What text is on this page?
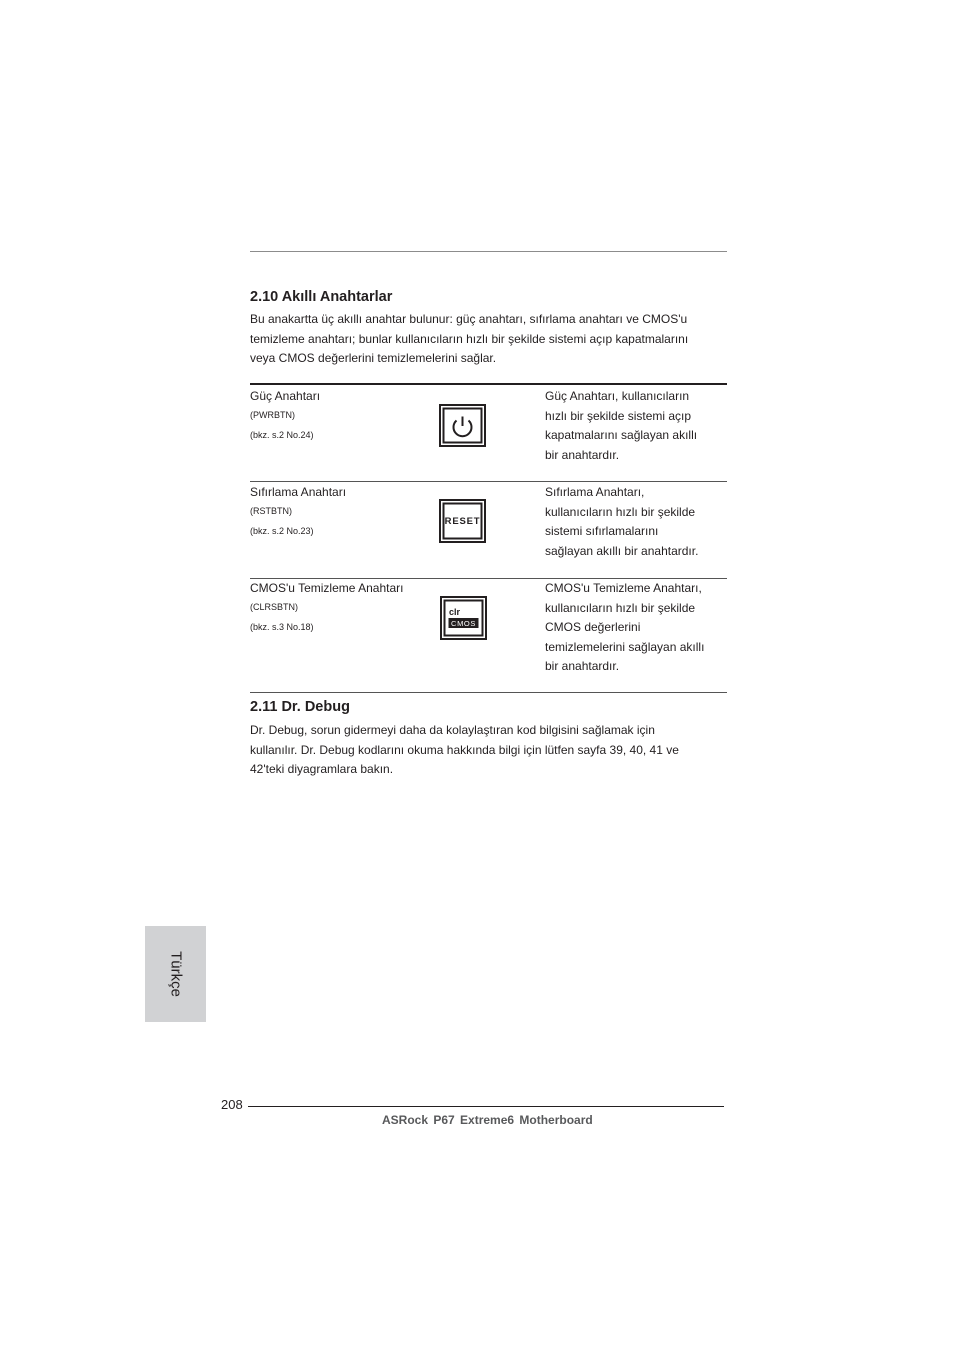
2.10 Akıllı Anahtarlar
Bu anakartta üç akıllı anahtar bulunur: güç anahtarı, sıfırlama anahtarı ve CMOS'u
temizleme anahtarı; bunlar kullanıcıların hızlı bir şekilde sistemi açıp kapatmalarını
veya CMOS değerlerini temizlemelerini sağlar.
Güç Anahtarı
(PWRBTN)
(bkz. s.2 No.24)
Güç Anahtarı, kullanıcıların
hızlı bir şekilde sistemi açıp
kapatmalarını sağlayan akıllı
bir anahtardır.
Sıfırlama Anahtarı
(RSTBTN)
(bkz. s.2 No.23)
RESET
Sıfırlama Anahtarı,
kullanıcıların hızlı bir şekilde
sistemi sıfırlamalarını
sağlayan akıllı bir anahtardır.
CMOS'u Temizleme Anahtarı
(CLRSBTN)
(bkz. s.3 No.18)
clr
CMOS
CMOS'u Temizleme Anahtarı,
kullanıcıların hızlı bir şekilde
CMOS değerlerini
temizlemelerini sağlayan akıllı
bir anahtardır.
2.11 Dr. Debug
Dr. Debug, sorun gidermeyi daha da kolaylaştıran kod bilgisini sağlamak için
kullanılır. Dr. Debug kodlarını okuma hakkında bilgi için lütfen sayfa 39, 40, 41 ve
42'teki diyagramlara bakın.
Türkçe
208
ASRock P67 Extreme6 Motherboard
